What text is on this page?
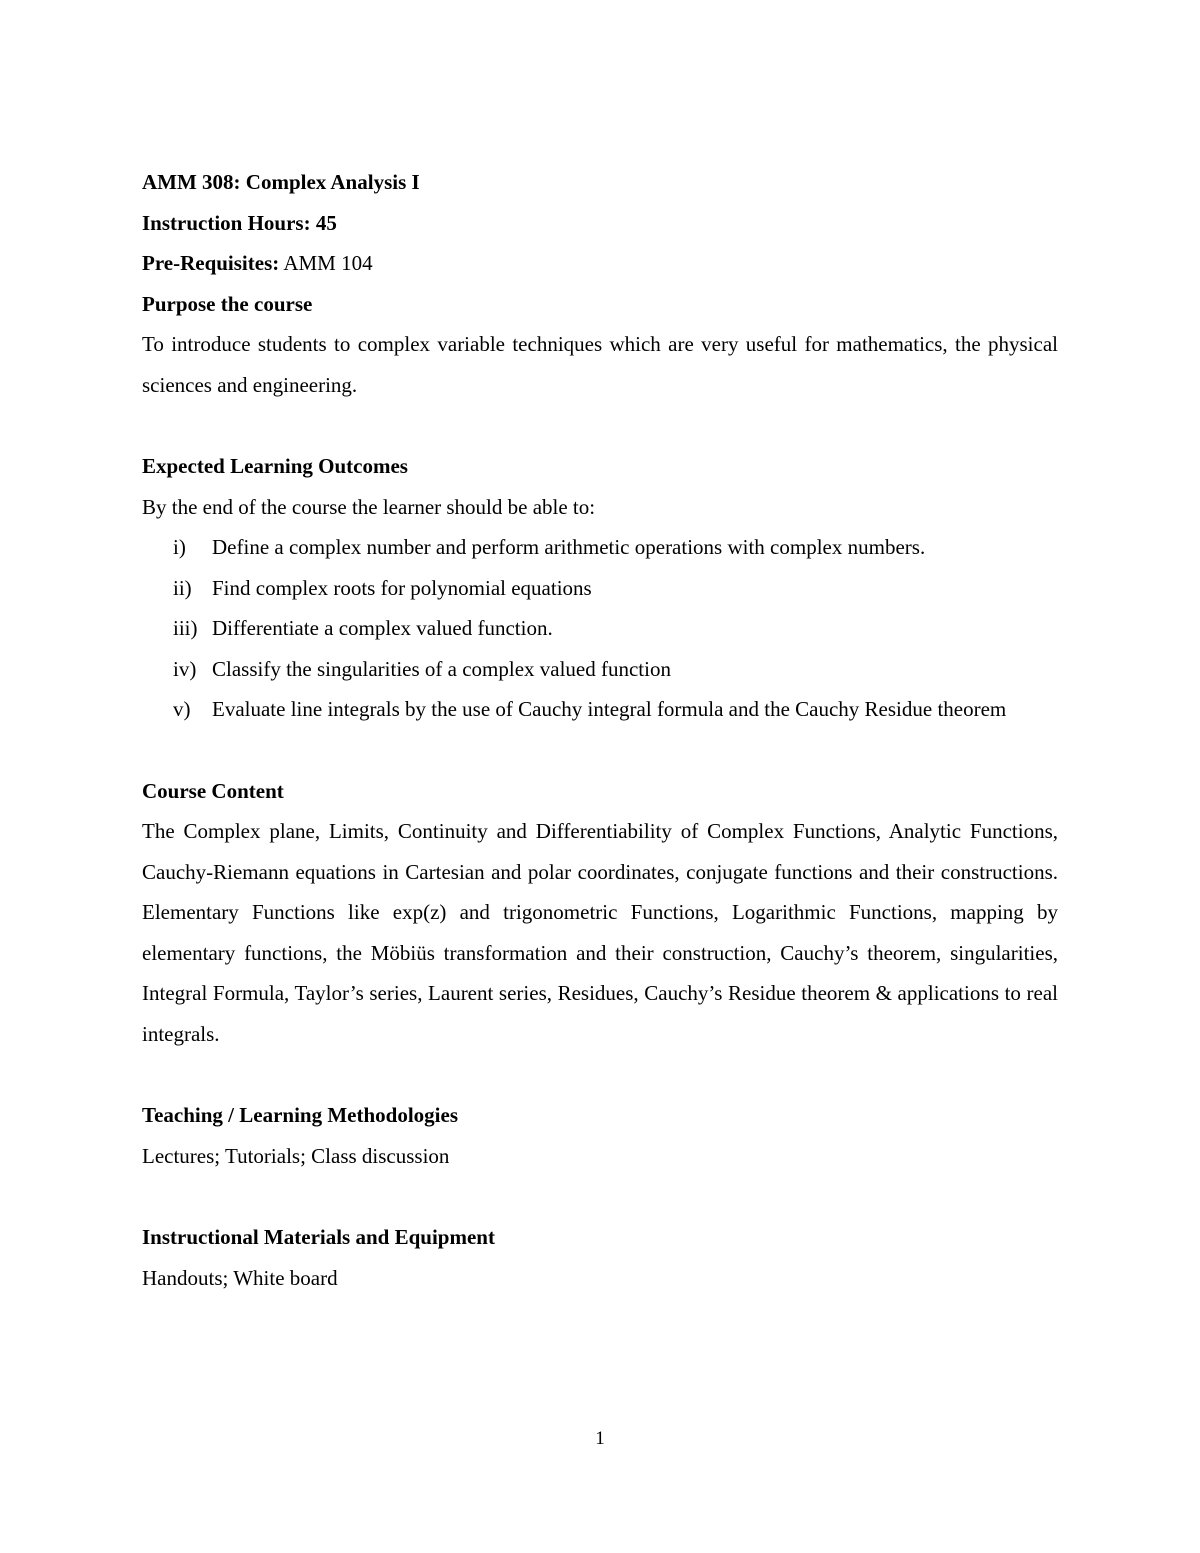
AMM 308: Complex Analysis I

Instruction Hours: 45

Pre-Requisites: AMM 104

Purpose the course

To introduce students to complex variable techniques which are very useful for mathematics, the physical sciences and engineering.

Expected Learning Outcomes

By the end of the course the learner should be able to:

i) Define a complex number and perform arithmetic operations with complex numbers.
ii) Find complex roots for polynomial equations
iii) Differentiate a complex valued function.
iv) Classify the singularities of a complex valued function
v) Evaluate line integrals by the use of Cauchy integral formula and the Cauchy Residue theorem

Course Content

The Complex plane, Limits, Continuity and Differentiability of Complex Functions, Analytic Functions, Cauchy-Riemann equations in Cartesian and polar coordinates, conjugate functions and their constructions. Elementary Functions like exp(z) and trigonometric Functions, Logarithmic Functions, mapping by elementary functions, the Möbiüs transformation and their construction, Cauchy’s theorem, singularities, Integral Formula, Taylor’s series, Laurent series, Residues, Cauchy’s Residue theorem & applications to real integrals.

Teaching / Learning Methodologies

Lectures; Tutorials; Class discussion

Instructional Materials and Equipment

Handouts; White board

1
